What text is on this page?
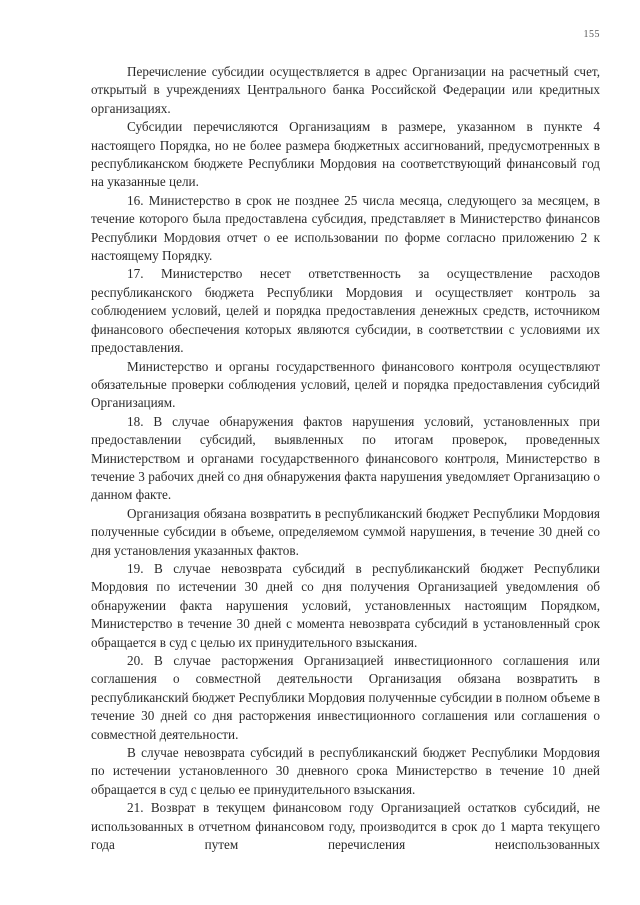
155

Перечисление субсидии осуществляется в адрес Организации на расчетный счет, открытый в учреждениях Центрального банка Российской Федерации или кредитных организациях.

Субсидии перечисляются Организациям в размере, указанном в пункте 4 настоящего Порядка, но не более размера бюджетных ассигнований, предусмотренных в республиканском бюджете Республики Мордовия на соответствующий финансовый год на указанные цели.

16. Министерство в срок не позднее 25 числа месяца, следующего за месяцем, в течение которого была предоставлена субсидия, представляет в Министерство финансов Республики Мордовия отчет о ее использовании по форме согласно приложению 2 к настоящему Порядку.

17. Министерство несет ответственность за осуществление расходов республиканского бюджета Республики Мордовия и осуществляет контроль за соблюдением условий, целей и порядка предоставления денежных средств, источником финансового обеспечения которых являются субсидии, в соответствии с условиями их предоставления.

Министерство и органы государственного финансового контроля осуществляют обязательные проверки соблюдения условий, целей и порядка предоставления субсидий Организациям.

18. В случае обнаружения фактов нарушения условий, установленных при предоставлении субсидий, выявленных по итогам проверок, проведенных Министерством и органами государственного финансового контроля, Министерство в течение 3 рабочих дней со дня обнаружения факта нарушения уведомляет Организацию о данном факте.

Организация обязана возвратить в республиканский бюджет Республики Мордовия полученные субсидии в объеме, определяемом суммой нарушения, в течение 30 дней со дня установления указанных фактов.

19. В случае невозврата субсидий в республиканский бюджет Республики Мордовия по истечении 30 дней со дня получения Организацией уведомления об обнаружении факта нарушения условий, установленных настоящим Порядком, Министерство в течение 30 дней с момента невозврата субсидий в установленный срок обращается в суд с целью их принудительного взыскания.

20. В случае расторжения Организацией инвестиционного соглашения или соглашения о совместной деятельности Организация обязана возвратить в республиканский бюджет Республики Мордовия полученные субсидии в полном объеме в течение 30 дней со дня расторжения инвестиционного соглашения или соглашения о совместной деятельности.

В случае невозврата субсидий в республиканский бюджет Республики Мордовия по истечении установленного 30 дневного срока Министерство в течение 10 дней обращается в суд с целью ее принудительного взыскания.

21. Возврат в текущем финансовом году Организацией остатков субсидий, не использованных в отчетном финансовом году, производится в срок до 1 марта текущего года путем перечисления неиспользованных
